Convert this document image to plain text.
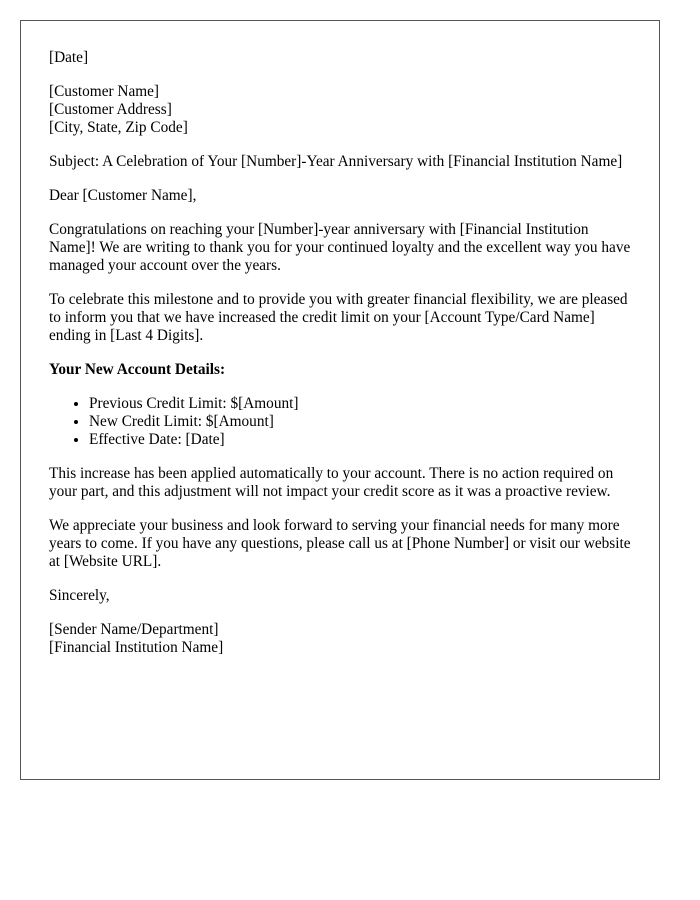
[Date]

[Customer Name]
[Customer Address]
[City, State, Zip Code]

Subject: A Celebration of Your [Number]-Year Anniversary with [Financial Institution Name]

Dear [Customer Name],

Congratulations on reaching your [Number]-year anniversary with [Financial Institution Name]! We are writing to thank you for your continued loyalty and the excellent way you have managed your account over the years.

To celebrate this milestone and to provide you with greater financial flexibility, we are pleased to inform you that we have increased the credit limit on your [Account Type/Card Name] ending in [Last 4 Digits].

Your New Account Details:

• Previous Credit Limit: $[Amount]
• New Credit Limit: $[Amount]
• Effective Date: [Date]

This increase has been applied automatically to your account. There is no action required on your part, and this adjustment will not impact your credit score as it was a proactive review.

We appreciate your business and look forward to serving your financial needs for many more years to come. If you have any questions, please call us at [Phone Number] or visit our website at [Website URL].

Sincerely,

[Sender Name/Department]
[Financial Institution Name]
